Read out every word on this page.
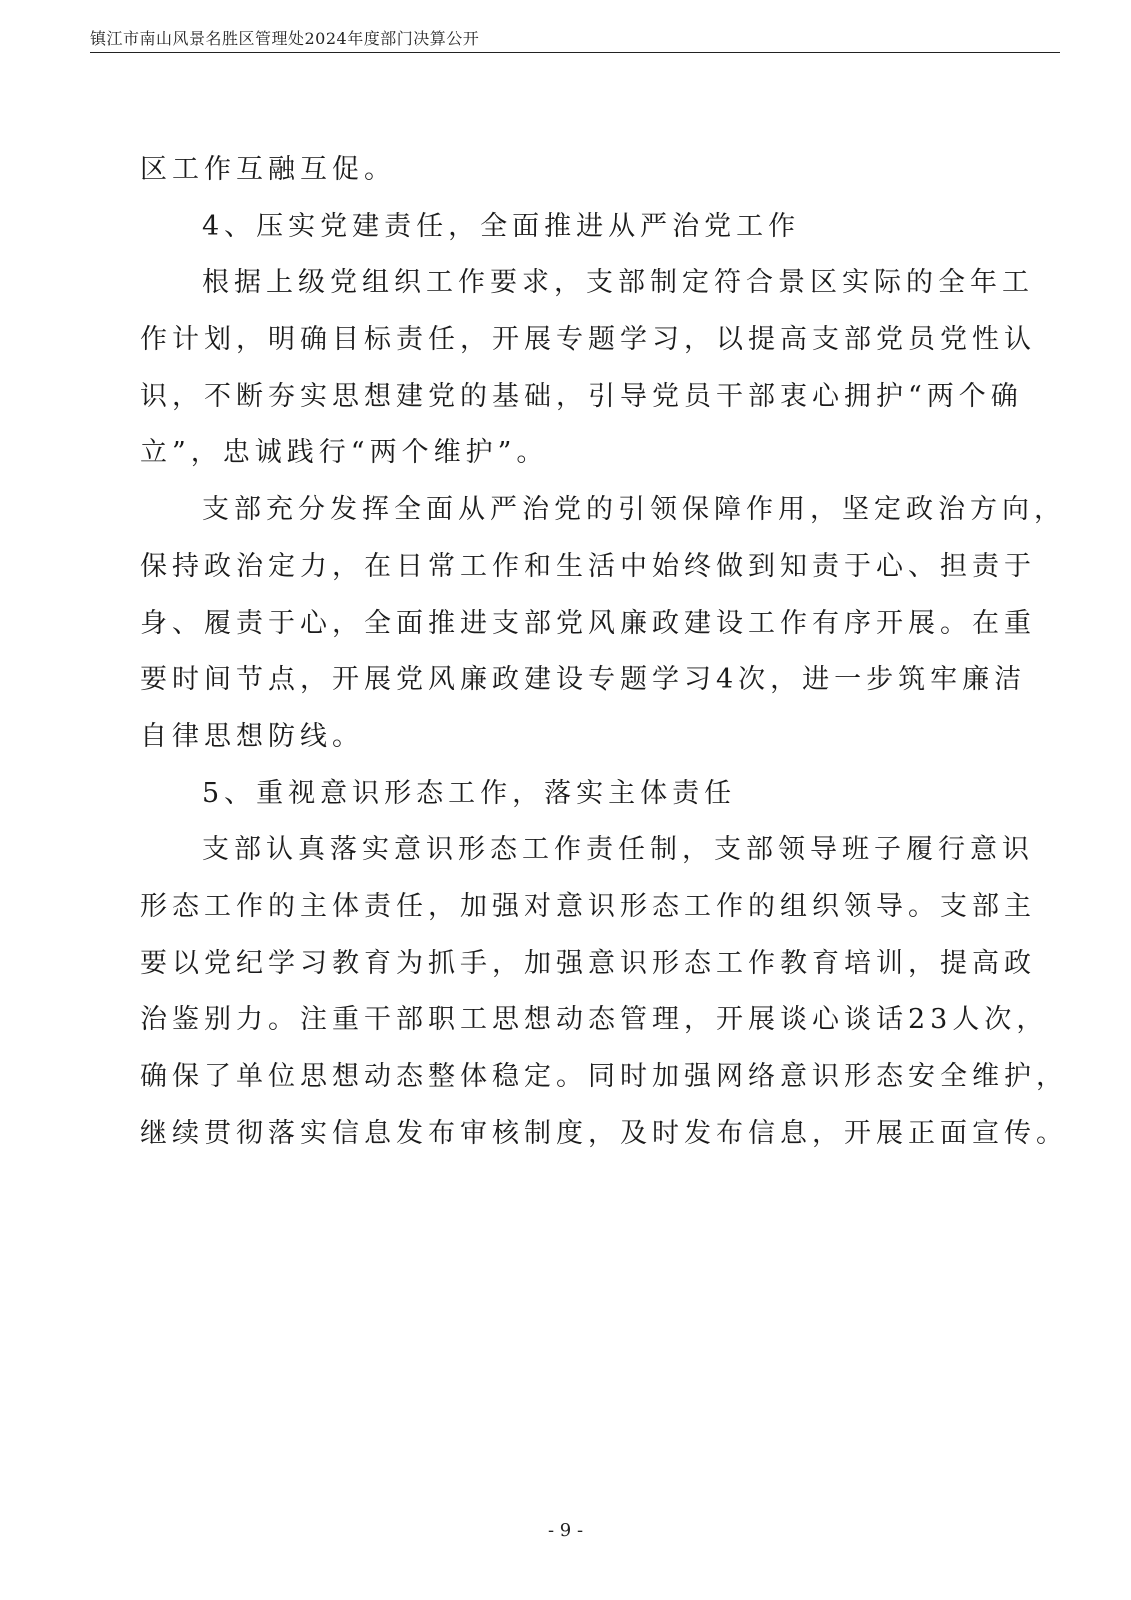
镇江市南山风景名胜区管理处2024年度部门决算公开
区工作互融互促。
4、压实党建责任，全面推进从严治党工作
根据上级党组织工作要求，支部制定符合景区实际的全年工
作计划，明确目标责任，开展专题学习，以提高支部党员党性认
识，不断夯实思想建党的基础，引导党员干部衷心拥护“两个确
立”，忠诚践行“两个维护”。
支部充分发挥全面从严治党的引领保障作用，坚定政治方向，
保持政治定力，在日常工作和生活中始终做到知责于心、担责于
身、履责于心，全面推进支部党风廉政建设工作有序开展。在重
要时间节点，开展党风廉政建设专题学习4次，进一步筑牢廉洁
自律思想防线。
5、重视意识形态工作，落实主体责任
支部认真落实意识形态工作责任制，支部领导班子履行意识
形态工作的主体责任，加强对意识形态工作的组织领导。支部主
要以党纪学习教育为抓手，加强意识形态工作教育培训，提高政
治鉴别力。注重干部职工思想动态管理，开展谈心谈话23人次，
确保了单位思想动态整体稳定。同时加强网络意识形态安全维护，
继续贯彻落实信息发布审核制度，及时发布信息，开展正面宣传。
- 9 -
